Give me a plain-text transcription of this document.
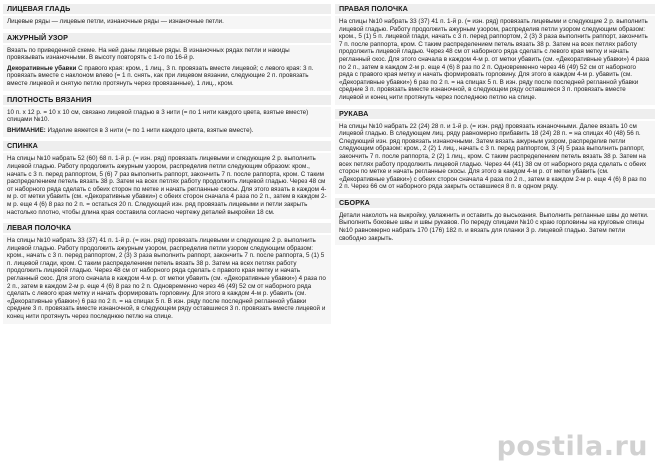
ЛИЦЕВАЯ ГЛАДЬ

Лицевые ряды — лицевые петли, изнаночные ряды — изнаночные петли.

АЖУРНЫЙ УЗОР

Вязать по приведенной схеме. На ней даны лицевые ряды. В изнаночных рядах петли и накиды провязывать изнаночными. В высоту повторять с 1-го по 16-й р.

Декоративные убавки С правого края: кром., 1 лиц., 3 п. провязать вместе лицевой; с левого края: 3 п. провязать вместе с наклоном влево (= 1 п. снять, как при лицевом вязании, следующие 2 п. провязать вместе лицевой и снятую петлю протянуть через провязанные), 1 лиц., кром.

ПЛОТНОСТЬ ВЯЗАНИЯ

10 п. x 12 р. = 10 x 10 см, связано лицевой гладью в 3 нити (= по 1 нити каждого цвета, взятые вместе) спицами №10.

ВНИМАНИЕ: Изделие вяжется в 3 нити (= по 1 нити каждого цвета, взятые вместе).

СПИНКА

На спицы №10 набрать 52 (60) 68 п. 1-й р. (= изн. ряд) провязать лицевыми и следующие 2 р. выполнить лицевой гладью. Работу продолжить ажурным узором, распределив петли следующим образом: кром., начать с 3 п. перед раппортом, 5 (6) 7 раз выполнить раппорт, закончить 7 п. после раппорта, кром. С таким распределением петель вязать 38 р. Затем на всех петлях работу продолжить лицевой гладью. Через 48 см от наборного ряда сделать с обеих сторон по метке и начать регланные скосы. Для этого вязать в каждом 4-м р. от метки убавить (см. «Декоративные убавки») с обеих сторон сначала 4 раза по 2 п., затем в каждом 2-м р. еще 4 (6) 8 раз по 2 п. = остаться 20 п. Следующий изн. ряд провязать лицевыми и петли закрыть настолько плотно, чтобы длина края составила согласно чертежу деталей выкройки 18 см.

ЛЕВАЯ ПОЛОЧКА

На спицы №10 набрать 33 (37) 41 п. 1-й р. (= изн. ряд) провязать лицевыми и следующие 2 р. выполнить лицевой гладью. Работу продолжить ажурным узором, распределив петли узором следующим образом: кром., начать с 3 п. перед раппортом, 2 (3) 3 раза выполнить раппорт, закончить 7 п. после раппорта, 5 (1) 5 п. лицевой глади, кром. С таким распределением петель вязать 38 р. Затем на всех петлях работу продолжить лицевой гладью. Через 48 см от наборного ряда сделать с правого края метку и начать регланный скос. Для этого сначала в каждом 4-м р. от метки убавить (см. «Декоративные убавки») 4 раза по 2 п., затем в каждом 2-м р. еще 4 (6) 8 раз по 2 п. Одновременно через 46 (49) 52 см от наборного ряда сделать с левого края метку и начать формировать горловину. Для этого в каждом 4-м р. убавить (см. «Декоративные убавки») 6 раз по 2 п. = на спицах 5 п. В изн. ряду после последней регланной убавки средние 3 п. провязать вместе изнаночной, в следующем ряду оставшиеся 3 п. провязать вместе лицевой и конец нити протянуть через последнюю петлю на спице.

ПРАВАЯ ПОЛОЧКА

На спицы №10 набрать 33 (37) 41 п. 1-й р. (= изн. ряд) провязать лицевыми и следующие 2 р. выполнить лицевой гладью. Работу продолжить ажурным узором, распределив петли узором следующим образом: кром., 5 (1) 5 п. лицевой глади, начать с 3 п. перед раппортом, 2 (3) 3 раза выполнить раппорт, закончить 7 п. после раппорта, кром. С таким распределением петель вязать 38 р. Затем на всех петлях работу продолжить лицевой гладью. Через 48 см от наборного ряда сделать с левого края метку и начать регланный скос. Для этого сначала в каждом 4-м р. от метки убавить (см. «Декоративные убавки») 4 раза по 2 п., затем в каждом 2-м р. еще 4 (6) 8 раз по 2 п. Одновременно через 46 (49) 52 см от наборного ряда с правого края метку и начать формировать горловину. Для этого в каждом 4-м р. убавить (см. «Декоративные убавки») 6 раз по 2 п. = на спицах 5 п. В изн. ряду после последней регланной убавки средние 3 п. провязать вместе изнаночной, в следующем ряду оставшиеся 3 п. провязать вместе лицевой и конец нити протянуть через последнюю петлю на спице.

РУКАВА

На спицы №10 набрать 22 (24) 28 п. и 1-й р. (= изн. ряд) провязать изнаночными. Далее вязать 10 см лицевой гладью. В следующем лиц. ряду равномерно прибавить 18 (24) 28 п. = на спицах 40 (48) 56 п. Следующий изн. ряд провязать изнаночными. Затем вязать ажурным узором, распределив петли следующим образом: кром., 2 (2) 1 лиц., начать с 3 п. перед раппортом, 3 (4) 5 раза выполнить раппорт, закончить 7 п. после раппорта, 2 (2) 1 лиц., кром. С таким распределением петель вязать 38 р. Затем на всех петлях работу продолжить лицевой гладью. Через 44 (41) 38 см от наборного ряда сделать с обеих сторон по метке и начать регланные скосы. Для этого в каждом 4-м р. от метки убавить (см. «Декоративные убавки») с обеих сторон сначала 4 раза по 2 п., затем в каждом 2-м р. еще 4 (6) 8 раз по 2 п. Через 66 см от наборного ряда закрыть оставшиеся 8 п. в одном ряду.

СБОРКА

Детали наколоть на выкройку, увлажнить и оставить до высыхания. Выполнить регланные швы до метки. Выполнить боковые швы и швы рукавов. По переду спицами №10 с краю горловины на круговые спицы №10 равномерно набрать 170 (176) 182 п. и вязать для планки 3 р. лицевой гладью. Затем петли свободно закрыть.

postila.ru
